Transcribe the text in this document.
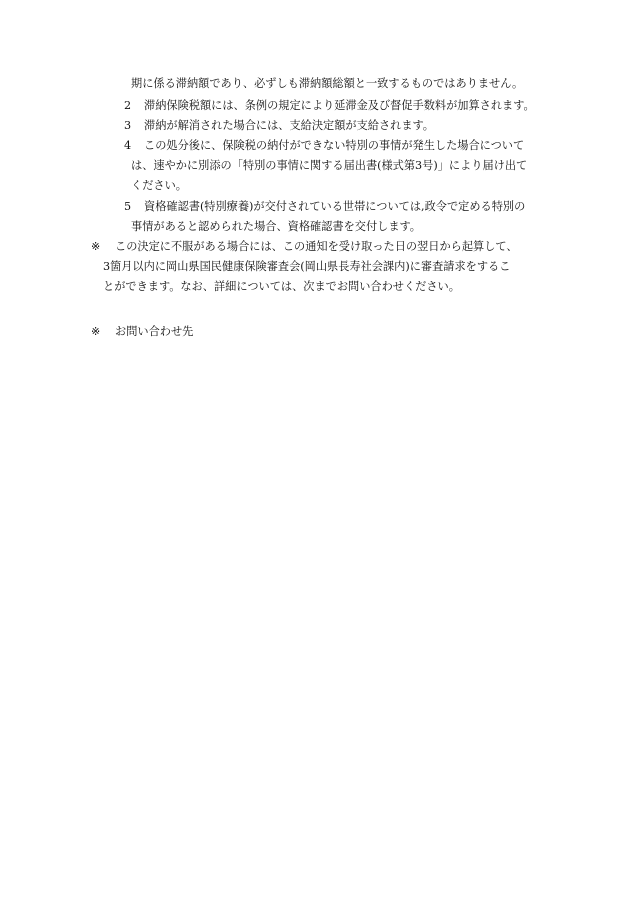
期に係る滞納額であり、必ずしも滞納額総額と一致するものではありません。
2 滞納保険税額には、条例の規定により延滞金及び督促手数料が加算されます。
3 滞納が解消された場合には、支給決定額が支給されます。
4 この処分後に、保険税の納付ができない特別の事情が発生した場合について
は、速やかに別添の「特別の事情に関する届出書(様式第3号)」により届け出て
ください。
5 資格確認書(特別療養)が交付されている世帯については,政令で定める特別の
事情があると認められた場合、資格確認書を交付します。
※ この決定に不服がある場合には、この通知を受け取った日の翌日から起算して、
3箇月以内に岡山県国民健康保険審査会(岡山県長寿社会課内)に審査請求をするこ
とができます。なお、詳細については、次までお問い合わせください。
※ お問い合わせ先
